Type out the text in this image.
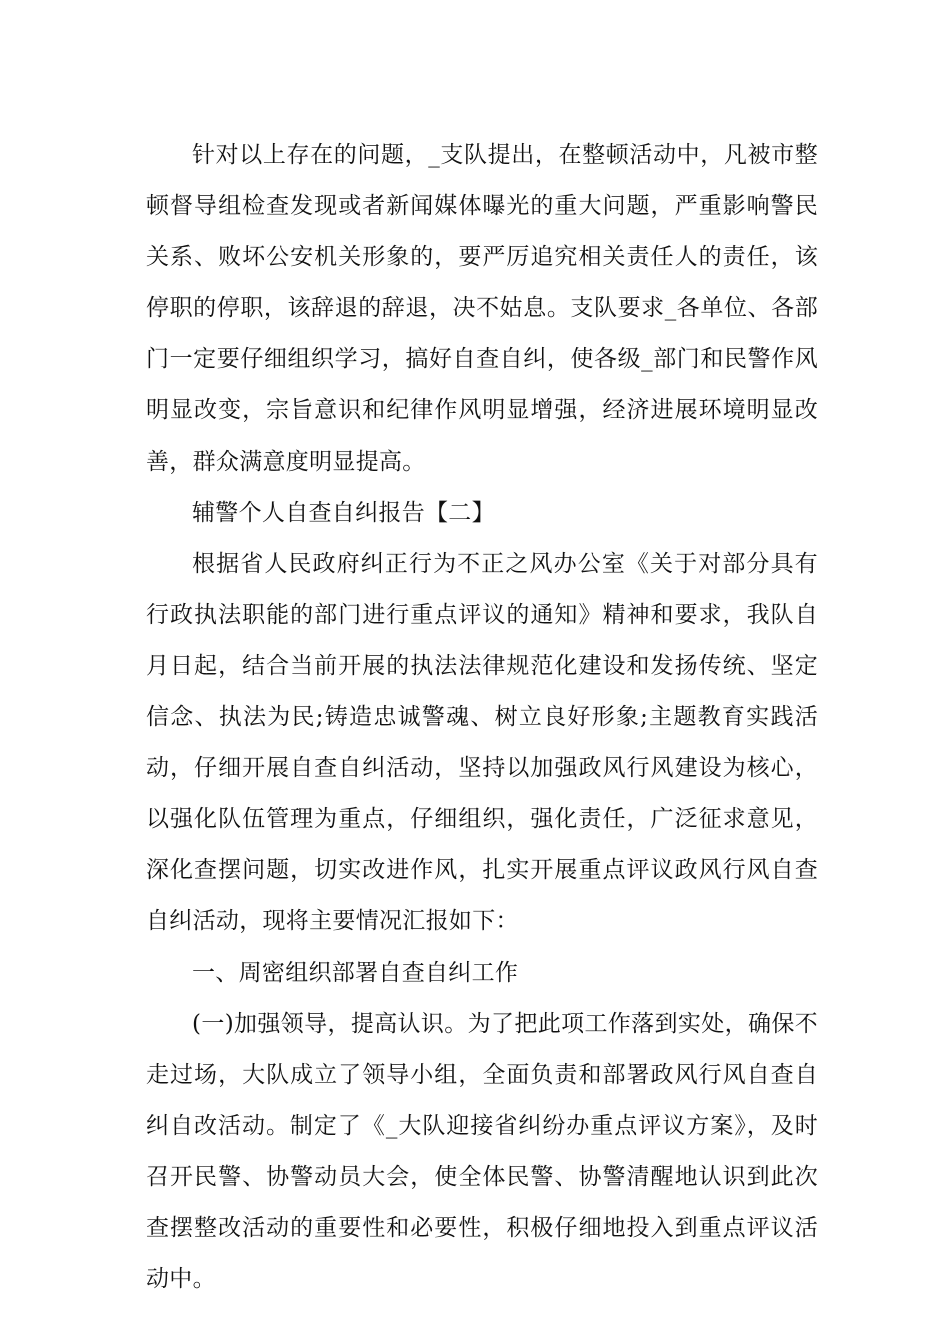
针对以上存在的问题，_支队提出，在整顿活动中，凡被市整顿督导组检查发现或者新闻媒体曝光的重大问题，严重影响警民关系、败坏公安机关形象的，要严厉追究相关责任人的责任，该停职的停职，该辞退的辞退，决不姑息。支队要求_各单位、各部门一定要仔细组织学习，搞好自查自纠，使各级_部门和民警作风明显改变，宗旨意识和纪律作风明显增强，经济进展环境明显改善，群众满意度明显提高。

辅警个人自查自纠报告【二】

根据省人民政府纠正行为不正之风办公室《关于对部分具有行政执法职能的部门进行重点评议的通知》精神和要求，我队自月日起，结合当前开展的执法法律规范化建设和发扬传统、坚定信念、执法为民;铸造忠诚警魂、树立良好形象;主题教育实践活动，仔细开展自查自纠活动，坚持以加强政风行风建设为核心，以强化队伍管理为重点，仔细组织，强化责任，广泛征求意见，深化查摆问题，切实改进作风，扎实开展重点评议政风行风自查自纠活动，现将主要情况汇报如下：

一、周密组织部署自查自纠工作

(一)加强领导，提高认识。为了把此项工作落到实处，确保不走过场，大队成立了领导小组，全面负责和部署政风行风自查自纠自改活动。制定了《_大队迎接省纠纷办重点评议方案》，及时召开民警、协警动员大会，使全体民警、协警清醒地认识到此次查摆整改活动的重要性和必要性，积极仔细地投入到重点评议活动中。
